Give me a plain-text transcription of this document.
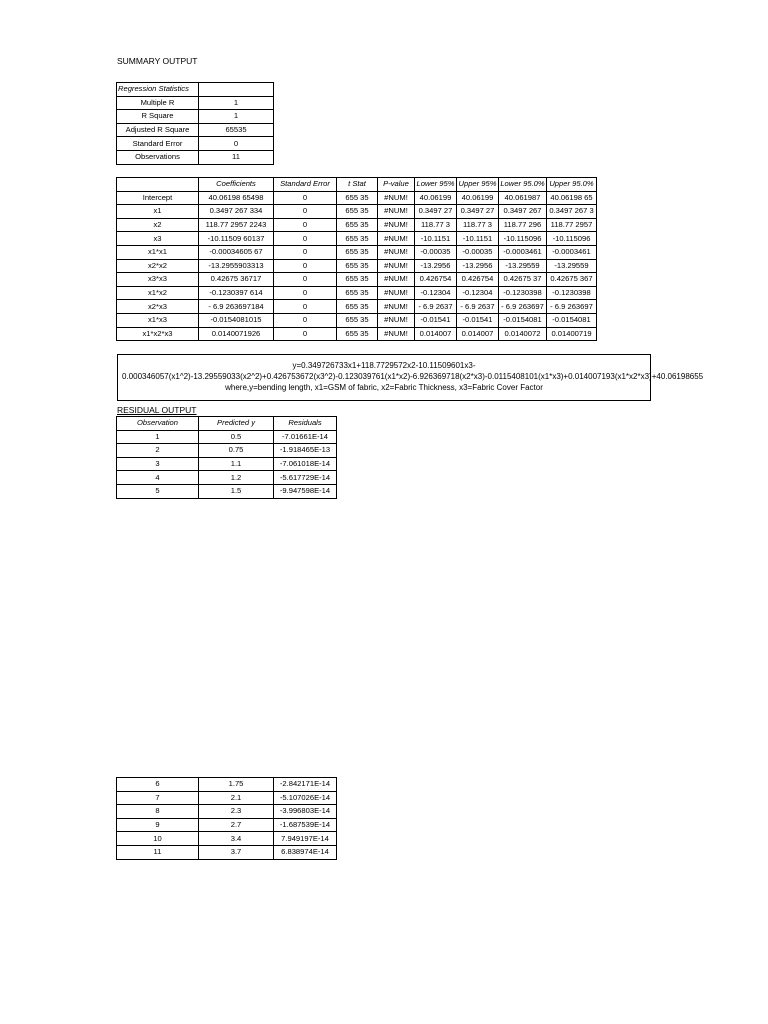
SUMMARY OUTPUT
Regression Statistics	
Multiple R	1
R Square	1
Adjusted R Square	65535
Standard Error	0
Observations	11
	Coefficients	Standard Error	t Stat	P-value	Lower 95%	Upper 95%	Lower 95.0%	Upper 95.0%
Intercept	40.06198 65498	0	655 35	#NUM!	40.06199	40.06199	40.061987	40.06198 65
x1	0.3497 267 334	0	655 35	#NUM!	0.3497 27	0.3497 27	0.3497 267	0.3497 267 3
x2	118.77 2957 2243	0	655 35	#NUM!	118.77 3	118.77 3	118.77 296	118.77 2957
x3	-10.11509 60137	0	655 35	#NUM!	-10.1151	-10.1151	-10.115096	-10.115096
x1*x1	-0.00034605 67	0	655 35	#NUM!	-0.00035	-0.00035	-0.0003461	-0.0003461
x2*x2	-13.2955903313	0	655 35	#NUM!	-13.2956	-13.2956	-13.29559	-13.29559
x3*x3	0.42675 36717	0	655 35	#NUM!	0.426754	0.426754	0.42675 37	0.42675 367
x1*x2	-0.1230397 614	0	655 35	#NUM!	-0.12304	-0.12304	-0.1230398	-0.1230398
x2*x3	- 6.9 263697184	0	655 35	#NUM!	- 6.9 2637	- 6.9 2637	- 6.9 263697	- 6.9 263697
x1*x3	-0.0154081015	0	655 35	#NUM!	-0.01541	-0.01541	-0.0154081	-0.0154081
x1*x2*x3	0.0140071926	0	655 35	#NUM!	0.014007	0.014007	0.0140072	0.01400719
y=0.349726733x1+118.7729572x2-10.11509601x3-0.000346057(x1^2)-13.29559033(x2^2)+0.426753672(x3^2)-0.123039761(x1*x2)-6.926369718(x2*x3)-0.0115408101(x1*x3)+0.014007193(x1*x2*x3)+40.06198655 where,y=bending length, x1=GSM of fabric, x2=Fabric Thickness, x3=Fabric Cover Factor
RESIDUAL OUTPUT
Observation	Predicted y	Residuals
1	0.5	-7.01661E-14
2	0.75	-1.918465E-13
3	1.1	-7.061018E-14
4	1.2	-5.617729E-14
5	1.5	-9.947598E-14
6	1.75	-2.842171E-14
7	2.1	-5.107026E-14
8	2.3	-3.996803E-14
9	2.7	-1.687539E-14
10	3.4	7.949197E-14
11	3.7	6.838974E-14
